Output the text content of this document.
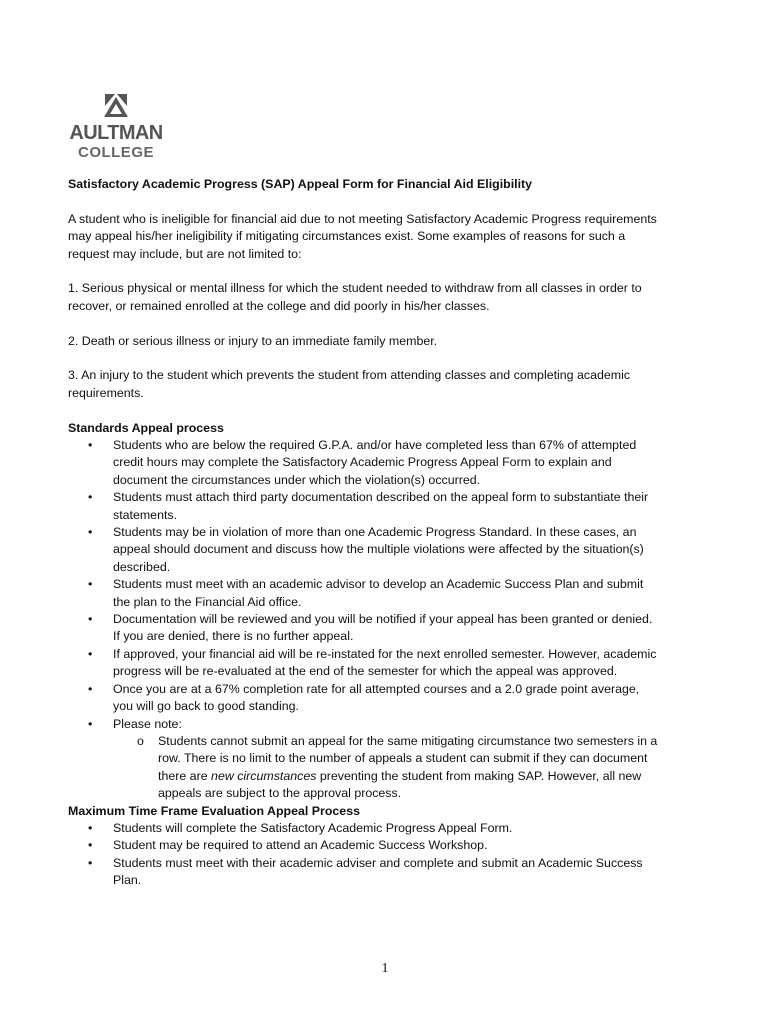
AULTMAN
COLLEGE

Satisfactory Academic Progress (SAP) Appeal Form for Financial Aid Eligibility

A student who is ineligible for financial aid due to not meeting Satisfactory Academic Progress requirements may appeal his/her ineligibility if mitigating circumstances exist. Some examples of reasons for such a request may include, but are not limited to:

1. Serious physical or mental illness for which the student needed to withdraw from all classes in order to recover, or remained enrolled at the college and did poorly in his/her classes.

2. Death or serious illness or injury to an immediate family member.

3. An injury to the student which prevents the student from attending classes and completing academic requirements.

Standards Appeal process

• Students who are below the required G.P.A. and/or have completed less than 67% of attempted credit hours may complete the Satisfactory Academic Progress Appeal Form to explain and document the circumstances under which the violation(s) occurred.
• Students must attach third party documentation described on the appeal form to substantiate their statements.
• Students may be in violation of more than one Academic Progress Standard. In these cases, an appeal should document and discuss how the multiple violations were affected by the situation(s) described.
• Students must meet with an academic advisor to develop an Academic Success Plan and submit the plan to the Financial Aid office.
• Documentation will be reviewed and you will be notified if your appeal has been granted or denied. If you are denied, there is no further appeal.
• If approved, your financial aid will be re-instated for the next enrolled semester. However, academic progress will be re-evaluated at the end of the semester for which the appeal was approved.
• Once you are at a 67% completion rate for all attempted courses and a 2.0 grade point average, you will go back to good standing.
• Please note:
o Students cannot submit an appeal for the same mitigating circumstance two semesters in a row. There is no limit to the number of appeals a student can submit if they can document there are new circumstances preventing the student from making SAP. However, all new appeals are subject to the approval process.

Maximum Time Frame Evaluation Appeal Process

• Students will complete the Satisfactory Academic Progress Appeal Form.
• Student may be required to attend an Academic Success Workshop.
• Students must meet with their academic adviser and complete and submit an Academic Success Plan.
1
